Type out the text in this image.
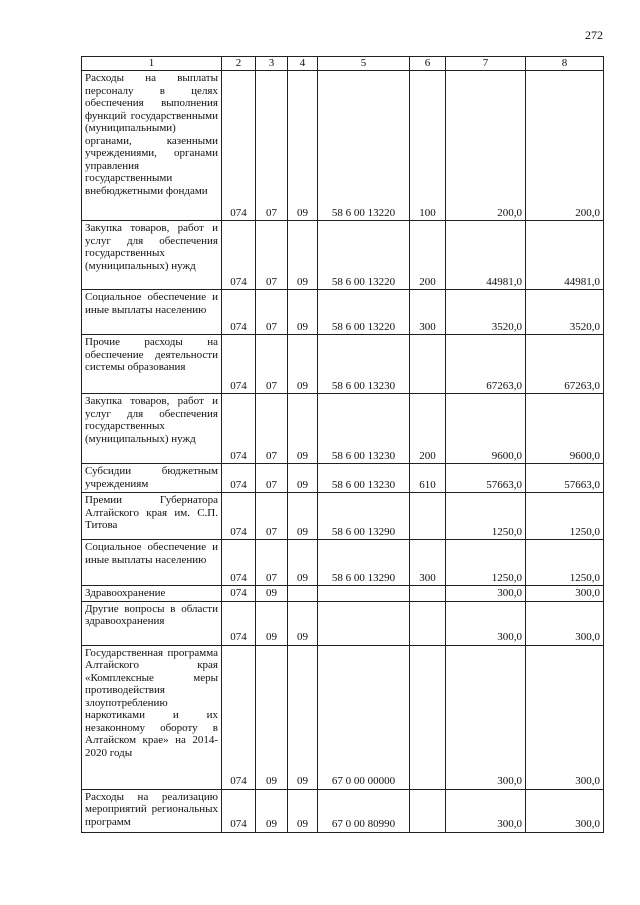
272
1	2	3	4	5	6	7	8
Расходы на выплаты персоналу в целях обеспечения выполнения функций государственными (муниципальными) органами, казенными учреждениями, органами управления государственными внебюджетными фондами	074	07	09	58 6 00 13220	100	200,0	200,0
Закупка товаров, работ и услуг для обеспечения государственных (муниципальных) нужд	074	07	09	58 6 00 13220	200	44981,0	44981,0
Социальное обеспечение и иные выплаты населению	074	07	09	58 6 00 13220	300	3520,0	3520,0
Прочие расходы на обеспечение деятельности системы образования	074	07	09	58 6 00 13230		67263,0	67263,0
Закупка товаров, работ и услуг для обеспечения государственных (муниципальных) нужд	074	07	09	58 6 00 13230	200	9600,0	9600,0
Субсидии бюджетным учреждениям	074	07	09	58 6 00 13230	610	57663,0	57663,0
Премии Губернатора Алтайского края им. С.П. Титова	074	07	09	58 6 00 13290		1250,0	1250,0
Социальное обеспечение и иные выплаты населению	074	07	09	58 6 00 13290	300	1250,0	1250,0
Здравоохранение	074	09				300,0	300,0
Другие вопросы в области здравоохранения	074	09	09			300,0	300,0
Государственная программа Алтайского края «Комплексные меры противодействия злоупотреблению наркотиками и их незаконному обороту в Алтайском крае» на 2014-2020 годы	074	09	09	67 0 00 00000		300,0	300,0
Расходы на реализацию мероприятий региональных программ	074	09	09	67 0 00 80990		300,0	300,0
